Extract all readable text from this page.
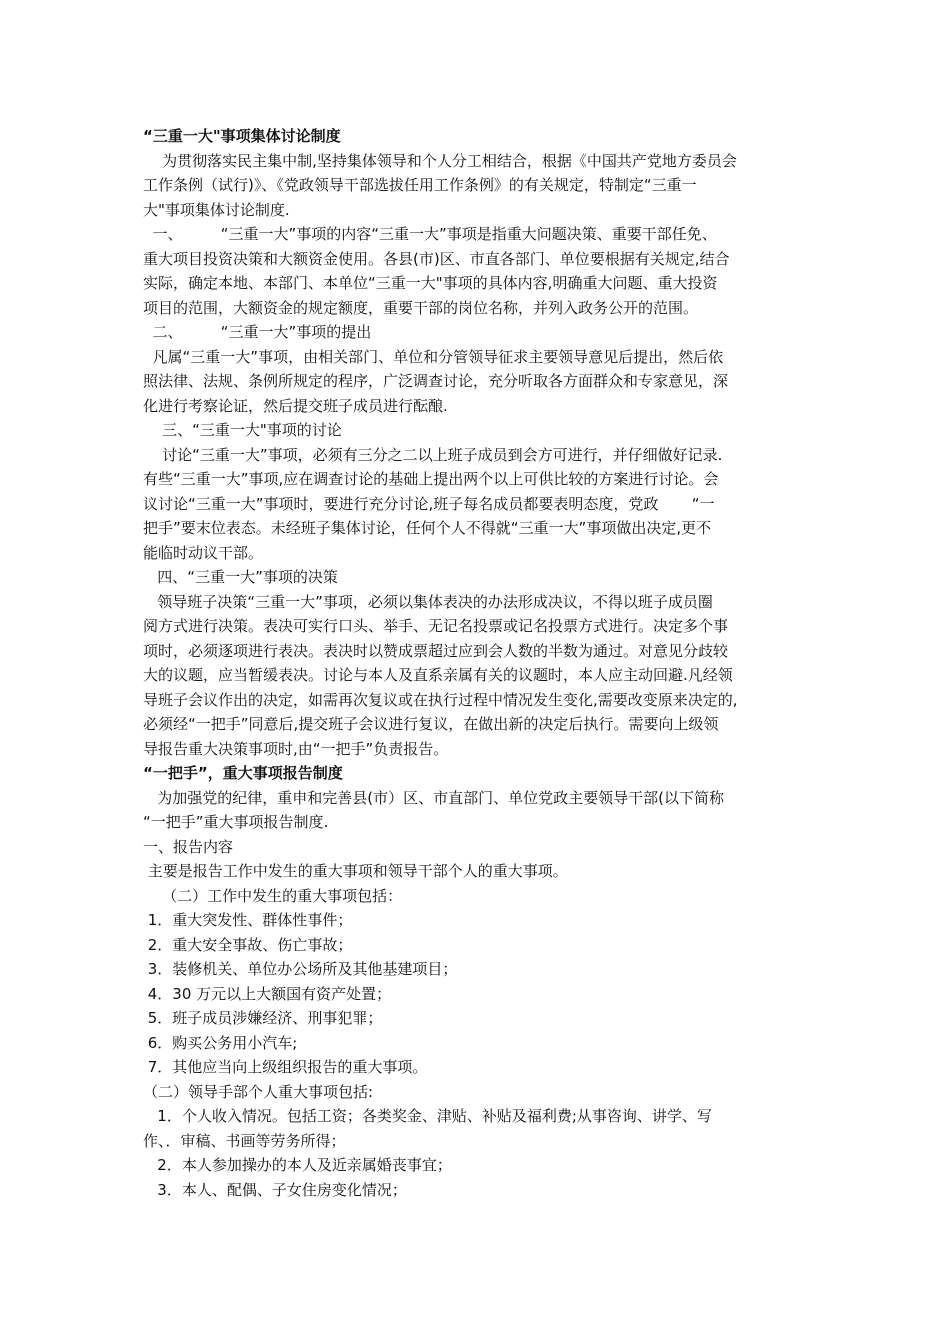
“三重一大"事项集体讨论制度
为贯彻落实民主集中制,坚持集体领导和个人分工相结合，根据《中国共产党地方委员会
工作条例（试行)》、《党政领导干部选拔任用工作条例》的有关规定，特制定“三重一
大"事项集体讨论制度.
一、        “三重一大”事项的内容“三重一大”事项是指重大问题决策、重要干部任免、
重大项目投资决策和大额资金使用。各县(市)区、市直各部门、单位要根据有关规定,结合
实际，确定本地、本部门、本单位“三重一大"事项的具体内容,明确重大问题、重大投资
项目的范围，大额资金的规定额度，重要干部的岗位名称，并列入政务公开的范围。
二、        “三重一大”事项的提出
凡属“三重一大”事项，由相关部门、单位和分管领导征求主要领导意见后提出，然后依
照法律、法规、条例所规定的程序，广泛调查讨论，充分听取各方面群众和专家意见，深
化进行考察论证，然后提交班子成员进行酝酿.
三、“三重一大"事项的讨论
讨论“三重一大”事项，必须有三分之二以上班子成员到会方可进行，并仔细做好记录.
有些“三重一大”事项,应在调查讨论的基础上提出两个以上可供比较的方案进行讨论。会
议讨论“三重一大”事项时，要进行充分讨论,班子每名成员都要表明态度，党政       “一
把手”要末位表态。未经班子集体讨论，任何个人不得就“三重一大”事项做出决定,更不
能临时动议干部。
四、“三重一大”事项的决策
领导班子决策“三重一大”事项，必须以集体表决的办法形成决议，不得以班子成员圈
阅方式进行决策。表决可实行口头、举手、无记名投票或记名投票方式进行。决定多个事
项时，必须逐项进行表决。表决时以赞成票超过应到会人数的半数为通过。对意见分歧较
大的议题，应当暂缓表决。讨论与本人及直系亲属有关的议题时，本人应主动回避.凡经领
导班子会议作出的决定，如需再次复议或在执行过程中情况发生变化,需要改变原来决定的,
必须经“一把手”同意后,提交班子会议进行复议，在做出新的决定后执行。需要向上级领
导报告重大决策事项时,由“一把手”负责报告。
“一把手”，重大事项报告制度
为加强党的纪律，重申和完善县(市）区、市直部门、单位党政主要领导干部(以下简称
“一把手”重大事项报告制度.
一、报告内容
主要是报告工作中发生的重大事项和领导干部个人的重大事项。
（二）工作中发生的重大事项包括：
1．重大突发性、群体性事件；
2．重大安全事故、伤亡事故；
3．装修机关、单位办公场所及其他基建项目；
4．30 万元以上大额国有资产处置；
5．班子成员涉嫌经济、刑事犯罪；
6．购买公务用小汽车;
7．其他应当向上级组织报告的重大事项。
（二）领导手部个人重大事项包括:
1．个人收入情况。包括工资；各类奖金、津贴、补贴及福利费;从事咨询、讲学、写
作、．审稿、书画等劳务所得；
2．本人参加操办的本人及近亲属婚丧事宜；
3．本人、配偶、子女住房变化情况；
